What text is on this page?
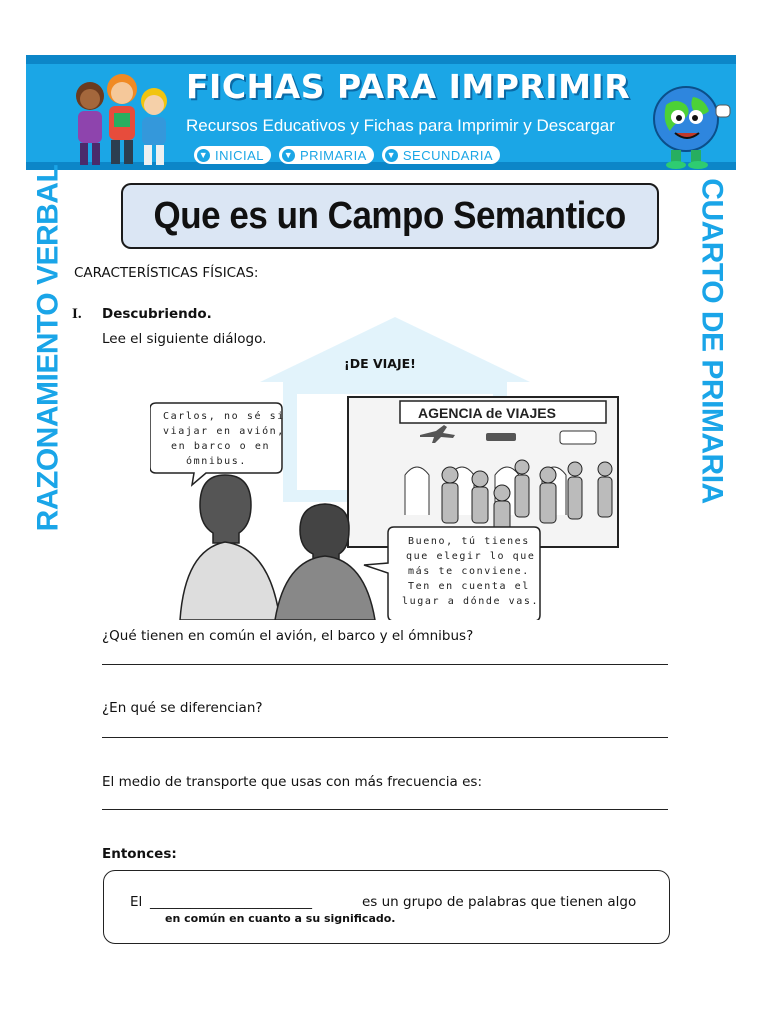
FICHAS PARA IMPRIMIR
Recursos Educativos y Fichas para Imprimir y Descargar
▼ INICIAL ▼ PRIMARIA ▼ SECUNDARIA
RAZONAMIENTO VERBAL	CUARTO DE PRIMARIA
Que es un Campo Semantico
CARACTERÍSTICAS FÍSICAS:
I. Descubriendo.
Lee el siguiente diálogo.
¡DE VIAJE!
AGENCIA de VIAJES
Carlos, no sé si
viajar en avión,
en barco o en
ómnibus.
Bueno, tú tienes
que elegir lo que
más te conviene.
Ten en cuenta el
lugar a dónde vas.
¿Qué tienen en común el avión, el barco y el ómnibus?
¿En qué se diferencian?
El medio de transporte que usas con más frecuencia es:
Entonces:
El ________________________	es un grupo de palabras que tienen algo
en común en cuanto a su significado.
